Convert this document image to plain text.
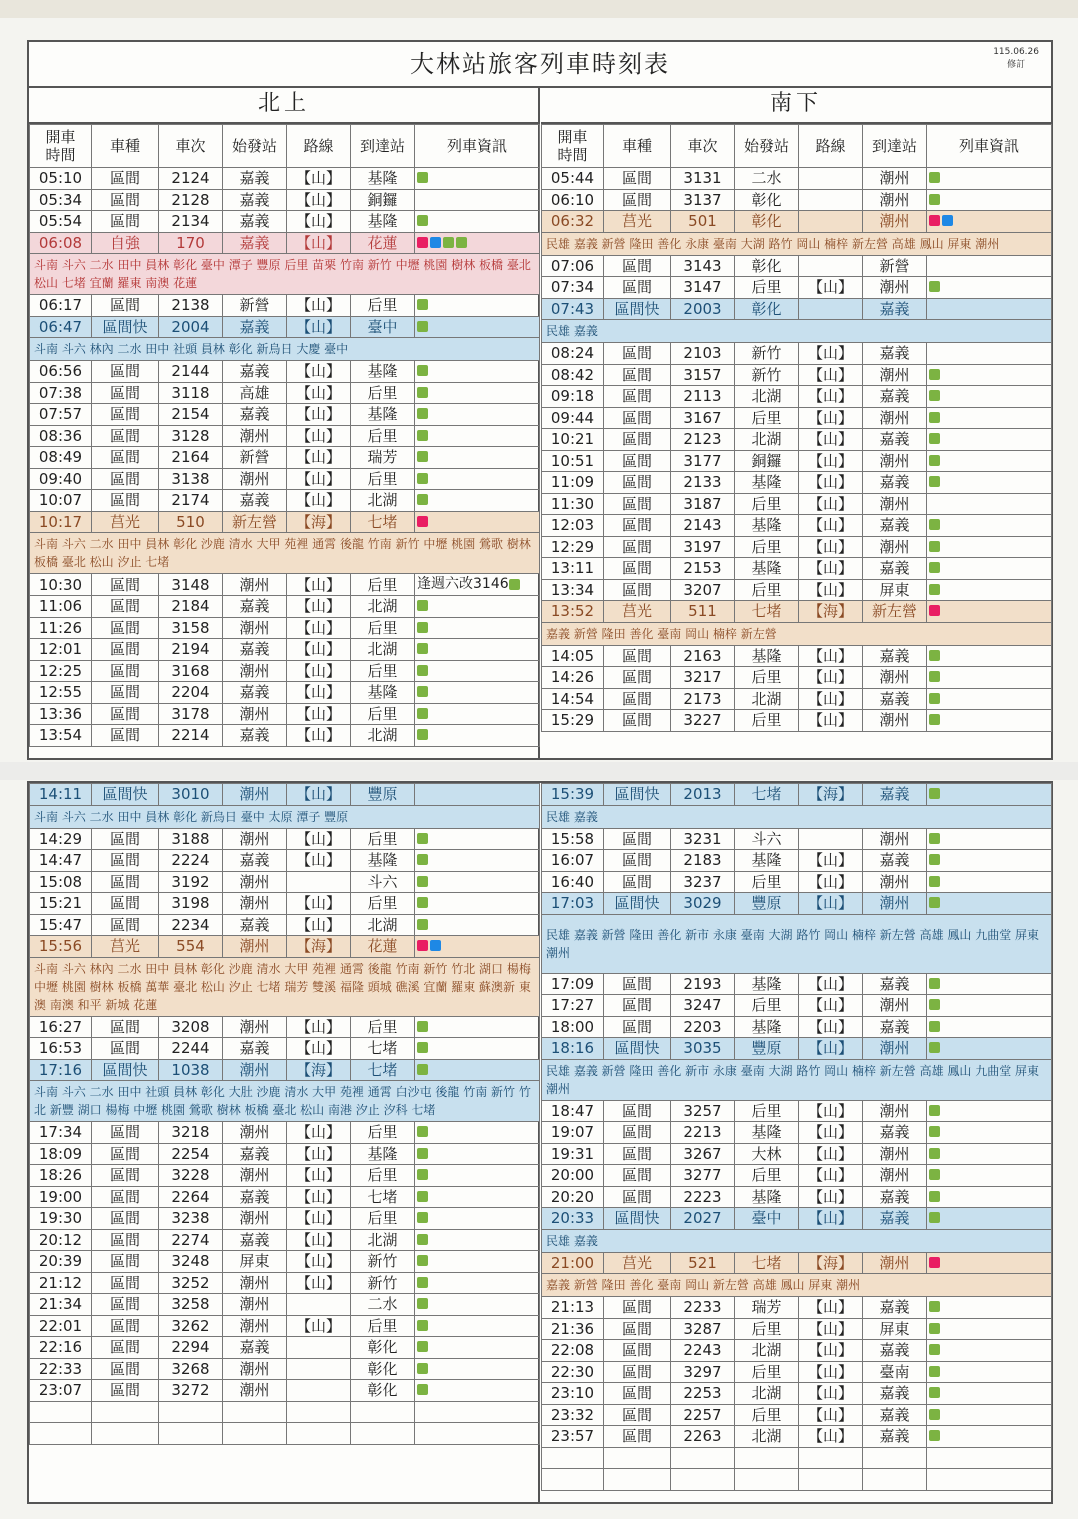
大林站旅客列車時刻表	115.06.26
修訂
北上
開車
時間	車種	車次	始發站	路線	到達站	列車資訊
05:10	區間	2124	嘉義	【山】	基隆	
05:34	區間	2128	嘉義	【山】	銅鑼	
05:54	區間	2134	嘉義	【山】	基隆	
06:08	自強	170	嘉義	【山】	花蓮	
斗南 斗六 二水 田中 員林 彰化 臺中 潭子 豐原 后里 苗栗 竹南 新竹 中壢 桃園 樹林 板橋 臺北 松山 七堵 宜蘭 羅東 南澳 花蓮						
06:17	區間	2138	新營	【山】	后里	
06:47	區間快	2004	嘉義	【山】	臺中	
斗南 斗六 林內 二水 田中 社頭 員林 彰化 新烏日 大慶 臺中						
06:56	區間	2144	嘉義	【山】	基隆	
07:38	區間	3118	高雄	【山】	后里	
07:57	區間	2154	嘉義	【山】	基隆	
08:36	區間	3128	潮州	【山】	后里	
08:49	區間	2164	新營	【山】	瑞芳	
09:40	區間	3138	潮州	【山】	后里	
10:07	區間	2174	嘉義	【山】	北湖	
10:17	莒光	510	新左營	【海】	七堵	
斗南 斗六 二水 田中 員林 彰化 沙鹿 清水 大甲 苑裡 通霄 後龍 竹南 新竹 中壢 桃園 鶯歌 樹林 板橋 臺北 松山 汐止 七堵						
10:30	區間	3148	潮州	【山】	后里	逢週六改3146
11:06	區間	2184	嘉義	【山】	北湖	
11:26	區間	3158	潮州	【山】	后里	
12:01	區間	2194	嘉義	【山】	北湖	
12:25	區間	3168	潮州	【山】	后里	
12:55	區間	2204	嘉義	【山】	基隆	
13:36	區間	3178	潮州	【山】	后里	
13:54	區間	2214	嘉義	【山】	北湖	
南下
開車
時間	車種	車次	始發站	路線	到達站	列車資訊
05:44	區間	3131	二水		潮州	
06:10	區間	3137	彰化		潮州	
06:32	莒光	501	彰化		潮州	
民雄 嘉義 新營 隆田 善化 永康 臺南 大湖 路竹 岡山 楠梓 新左營 高雄 鳳山 屏東 潮州						
07:06	區間	3143	彰化		新營	
07:34	區間	3147	后里	【山】	潮州	
07:43	區間快	2003	彰化		嘉義	
民雄 嘉義						
08:24	區間	2103	新竹	【山】	嘉義	
08:42	區間	3157	新竹	【山】	潮州	
09:18	區間	2113	北湖	【山】	嘉義	
09:44	區間	3167	后里	【山】	潮州	
10:21	區間	2123	北湖	【山】	嘉義	
10:51	區間	3177	銅鑼	【山】	潮州	
11:09	區間	2133	基隆	【山】	嘉義	
11:30	區間	3187	后里	【山】	潮州	
12:03	區間	2143	基隆	【山】	嘉義	
12:29	區間	3197	后里	【山】	潮州	
13:11	區間	2153	基隆	【山】	嘉義	
13:34	區間	3207	后里	【山】	屏東	
13:52	莒光	511	七堵	【海】	新左營	
嘉義 新營 隆田 善化 臺南 岡山 楠梓 新左營						
14:05	區間	2163	基隆	【山】	嘉義	
14:26	區間	3217	后里	【山】	潮州	
14:54	區間	2173	北湖	【山】	嘉義	
15:29	區間	3227	后里	【山】	潮州	
14:11	區間快	3010	潮州	【山】	豐原	
斗南 斗六 二水 田中 員林 彰化 新烏日 臺中 太原 潭子 豐原						
14:29	區間	3188	潮州	【山】	后里	
14:47	區間	2224	嘉義	【山】	基隆	
15:08	區間	3192	潮州		斗六	
15:21	區間	3198	潮州	【山】	后里	
15:47	區間	2234	嘉義	【山】	北湖	
15:56	莒光	554	潮州	【海】	花蓮	
斗南 斗六 林內 二水 田中 員林 彰化 沙鹿 清水 大甲 苑裡 通霄 後龍 竹南 新竹 竹北 湖口 楊梅 中壢 桃園 樹林 板橋 萬華 臺北 松山 汐止 七堵 瑞芳 雙溪 福隆 頭城 礁溪 宜蘭 羅東 蘇澳新 東澳 南澳 和平 新城 花蓮						
16:27	區間	3208	潮州	【山】	后里	
16:53	區間	2244	嘉義	【山】	七堵	
17:16	區間快	1038	潮州	【海】	七堵	
斗南 斗六 二水 田中 社頭 員林 彰化 大肚 沙鹿 清水 大甲 苑裡 通霄 白沙屯 後龍 竹南 新竹 竹北 新豐 湖口 楊梅 中壢 桃園 鶯歌 樹林 板橋 臺北 松山 南港 汐止 汐科 七堵						
17:34	區間	3218	潮州	【山】	后里	
18:09	區間	2254	嘉義	【山】	基隆	
18:26	區間	3228	潮州	【山】	后里	
19:00	區間	2264	嘉義	【山】	七堵	
19:30	區間	3238	潮州	【山】	后里	
20:12	區間	2274	嘉義	【山】	北湖	
20:39	區間	3248	屏東	【山】	新竹	
21:12	區間	3252	潮州	【山】	新竹	
21:34	區間	3258	潮州		二水	
22:01	區間	3262	潮州	【山】	后里	
22:16	區間	2294	嘉義		彰化	
22:33	區間	3268	潮州		彰化	
23:07	區間	3272	潮州		彰化	

15:39	區間快	2013	七堵	【海】	嘉義	
民雄 嘉義						
15:58	區間	3231	斗六		潮州	
16:07	區間	2183	基隆	【山】	嘉義	
16:40	區間	3237	后里	【山】	潮州	
17:03	區間快	3029	豐原	【山】	潮州	
民雄 嘉義 新營 隆田 善化 新市 永康 臺南 大湖 路竹 岡山 楠梓 新左營 高雄 鳳山 九曲堂 屏東 潮州						
17:09	區間	2193	基隆	【山】	嘉義	
17:27	區間	3247	后里	【山】	潮州	
18:00	區間	2203	基隆	【山】	嘉義	
18:16	區間快	3035	豐原	【山】	潮州	
民雄 嘉義 新營 隆田 善化 新市 永康 臺南 大湖 路竹 岡山 楠梓 新左營 高雄 鳳山 九曲堂 屏東 潮州						
18:47	區間	3257	后里	【山】	潮州	
19:07	區間	2213	基隆	【山】	嘉義	
19:31	區間	3267	大林	【山】	潮州	
20:00	區間	3277	后里	【山】	潮州	
20:20	區間	2223	基隆	【山】	嘉義	
20:33	區間快	2027	臺中	【山】	嘉義	
民雄 嘉義						
21:00	莒光	521	七堵	【海】	潮州	
嘉義 新營 隆田 善化 臺南 岡山 新左營 高雄 鳳山 屏東 潮州						
21:13	區間	2233	瑞芳	【山】	嘉義	
21:36	區間	3287	后里	【山】	屏東	
22:08	區間	2243	北湖	【山】	嘉義	
22:30	區間	3297	后里	【山】	臺南	
23:10	區間	2253	北湖	【山】	嘉義	
23:32	區間	2257	后里	【山】	嘉義	
23:57	區間	2263	北湖	【山】	嘉義	
